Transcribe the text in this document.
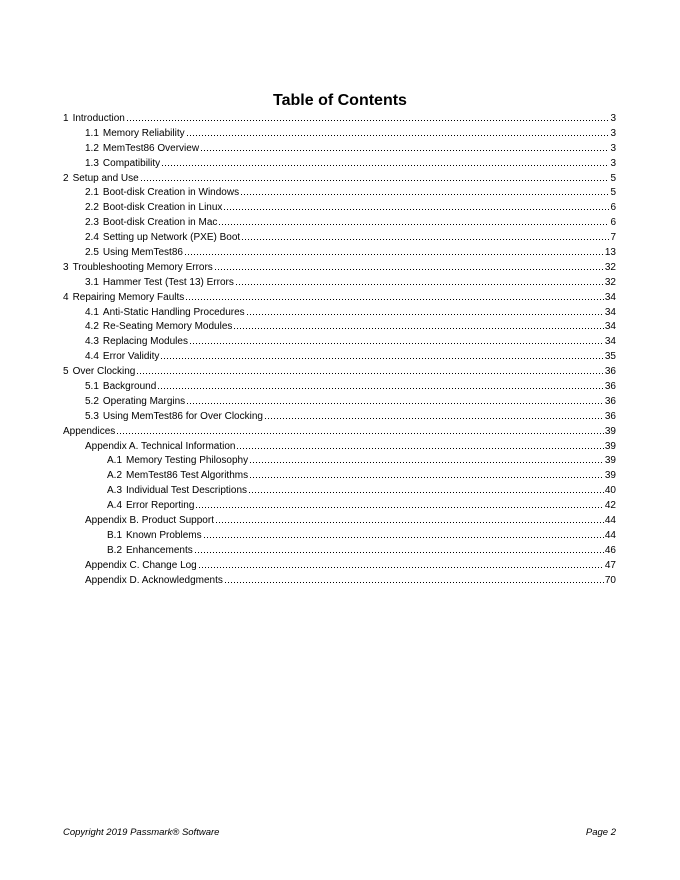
Table of Contents
1 Introduction	3
1.1 Memory Reliability	3
1.2 MemTest86 Overview	3
1.3 Compatibility	3
2 Setup and Use	5
2.1 Boot-disk Creation in Windows	5
2.2 Boot-disk Creation in Linux	6
2.3 Boot-disk Creation in Mac	6
2.4 Setting up Network (PXE) Boot	7
2.5 Using MemTest86	13
3 Troubleshooting Memory Errors	32
3.1 Hammer Test (Test 13) Errors	32
4 Repairing Memory Faults	34
4.1 Anti-Static Handling Procedures	34
4.2 Re-Seating Memory Modules	34
4.3 Replacing Modules	34
4.4 Error Validity	35
5 Over Clocking	36
5.1 Background	36
5.2 Operating Margins	36
5.3 Using MemTest86 for Over Clocking	36
Appendices	39
Appendix A. Technical Information	39
A.1 Memory Testing Philosophy	39
A.2 MemTest86 Test Algorithms	39
A.3 Individual Test Descriptions	40
A.4 Error Reporting	42
Appendix B. Product Support	44
B.1 Known Problems	44
B.2 Enhancements	46
Appendix C. Change Log	47
Appendix D. Acknowledgments	70
Copyright 2019 Passmark® Software	Page 2
